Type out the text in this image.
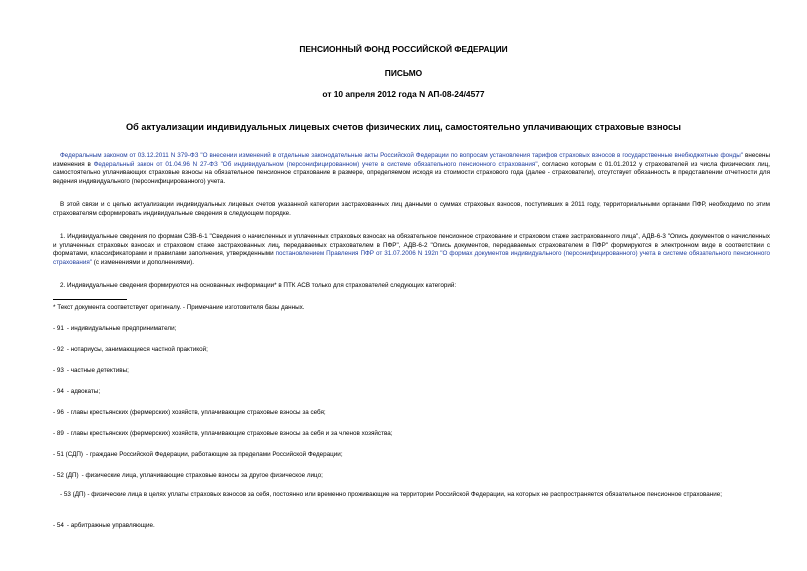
ПЕНСИОННЫЙ ФОНД РОССИЙСКОЙ ФЕДЕРАЦИИ
ПИСЬМО
от 10 апреля 2012 года N АП-08-24/4577
Об актуализации индивидуальных лицевых счетов физических лиц, самостоятельно уплачивающих страховые взносы

Федеральным законом от 03.12.2011 N 379-ФЗ "О внесении изменений в отдельные законодательные акты Российской Федерации по вопросам установления тарифов страховых взносов в государственные внебюджетные фонды" внесены изменения в Федеральный закон от 01.04.96 N 27-ФЗ "Об индивидуальном (персонифицированном) учете в системе обязательного пенсионного страхования", согласно которым с 01.01.2012 у страхователей из числа физических лиц, самостоятельно уплачивающих страховые взносы на обязательное пенсионное страхование в размере, определяемом исходя из стоимости страхового года (далее - страхователи), отсутствует обязанность в представлении отчетности для ведения индивидуального (персонифицированного) учета.

В этой связи и с целью актуализации индивидуальных лицевых счетов указанной категории застрахованных лиц данными о суммах страховых взносов, поступивших в 2011 году, территориальными органами ПФР, необходимо по этим страхователям сформировать индивидуальные сведения в следующем порядке.

1. Индивидуальные сведения по формам СЗВ-6-1 "Сведения о начисленных и уплаченных страховых взносах на обязательное пенсионное страхование и страховом стаже застрахованного лица", АДВ-6-3 "Опись документов о начисленных и уплаченных страховых взносах и страховом стаже застрахованных лиц, передаваемых страхователем в ПФР", АДВ-6-2 "Опись документов, передаваемых страхователем в ПФР" формируются в электронном виде в соответствии с форматами, классификаторами и правилами заполнения, утвержденными постановлением Правления ПФР от 31.07.2006 N 192п "О формах документов индивидуального (персонифицированного) учета в системе обязательного пенсионного страхования" (с изменениями и дополнениями).

2. Индивидуальные сведения формируются на основанных информации* в ПТК АСВ только для страхователей следующих категорий:

* Текст документа соответствует оригиналу. - Примечание изготовителя базы данных.
- 91 - индивидуальные предприниматели;
- 92 - нотариусы, занимающиеся частной практикой;
- 93 - частные детективы;
- 94 - адвокаты;
- 96 - главы крестьянских (фермерских) хозяйств, уплачивающие страховые взносы за себя;
- 89 - главы крестьянских (фермерских) хозяйств, уплачивающие страховые взносы за себя и за членов хозяйства;
- 51 (СДП) - граждане Российской Федерации, работающие за пределами Российской Федерации;
- 52 (ДП) - физические лица, уплачивающие страховые взносы за другое физическое лицо;

- 53 (ДП) - физические лица в целях уплаты страховых взносов за себя, постоянно или временно проживающие на территории Российской Федерации, на которых не распространяется обязательное пенсионное страхование;

- 54 - арбитражные управляющие.
